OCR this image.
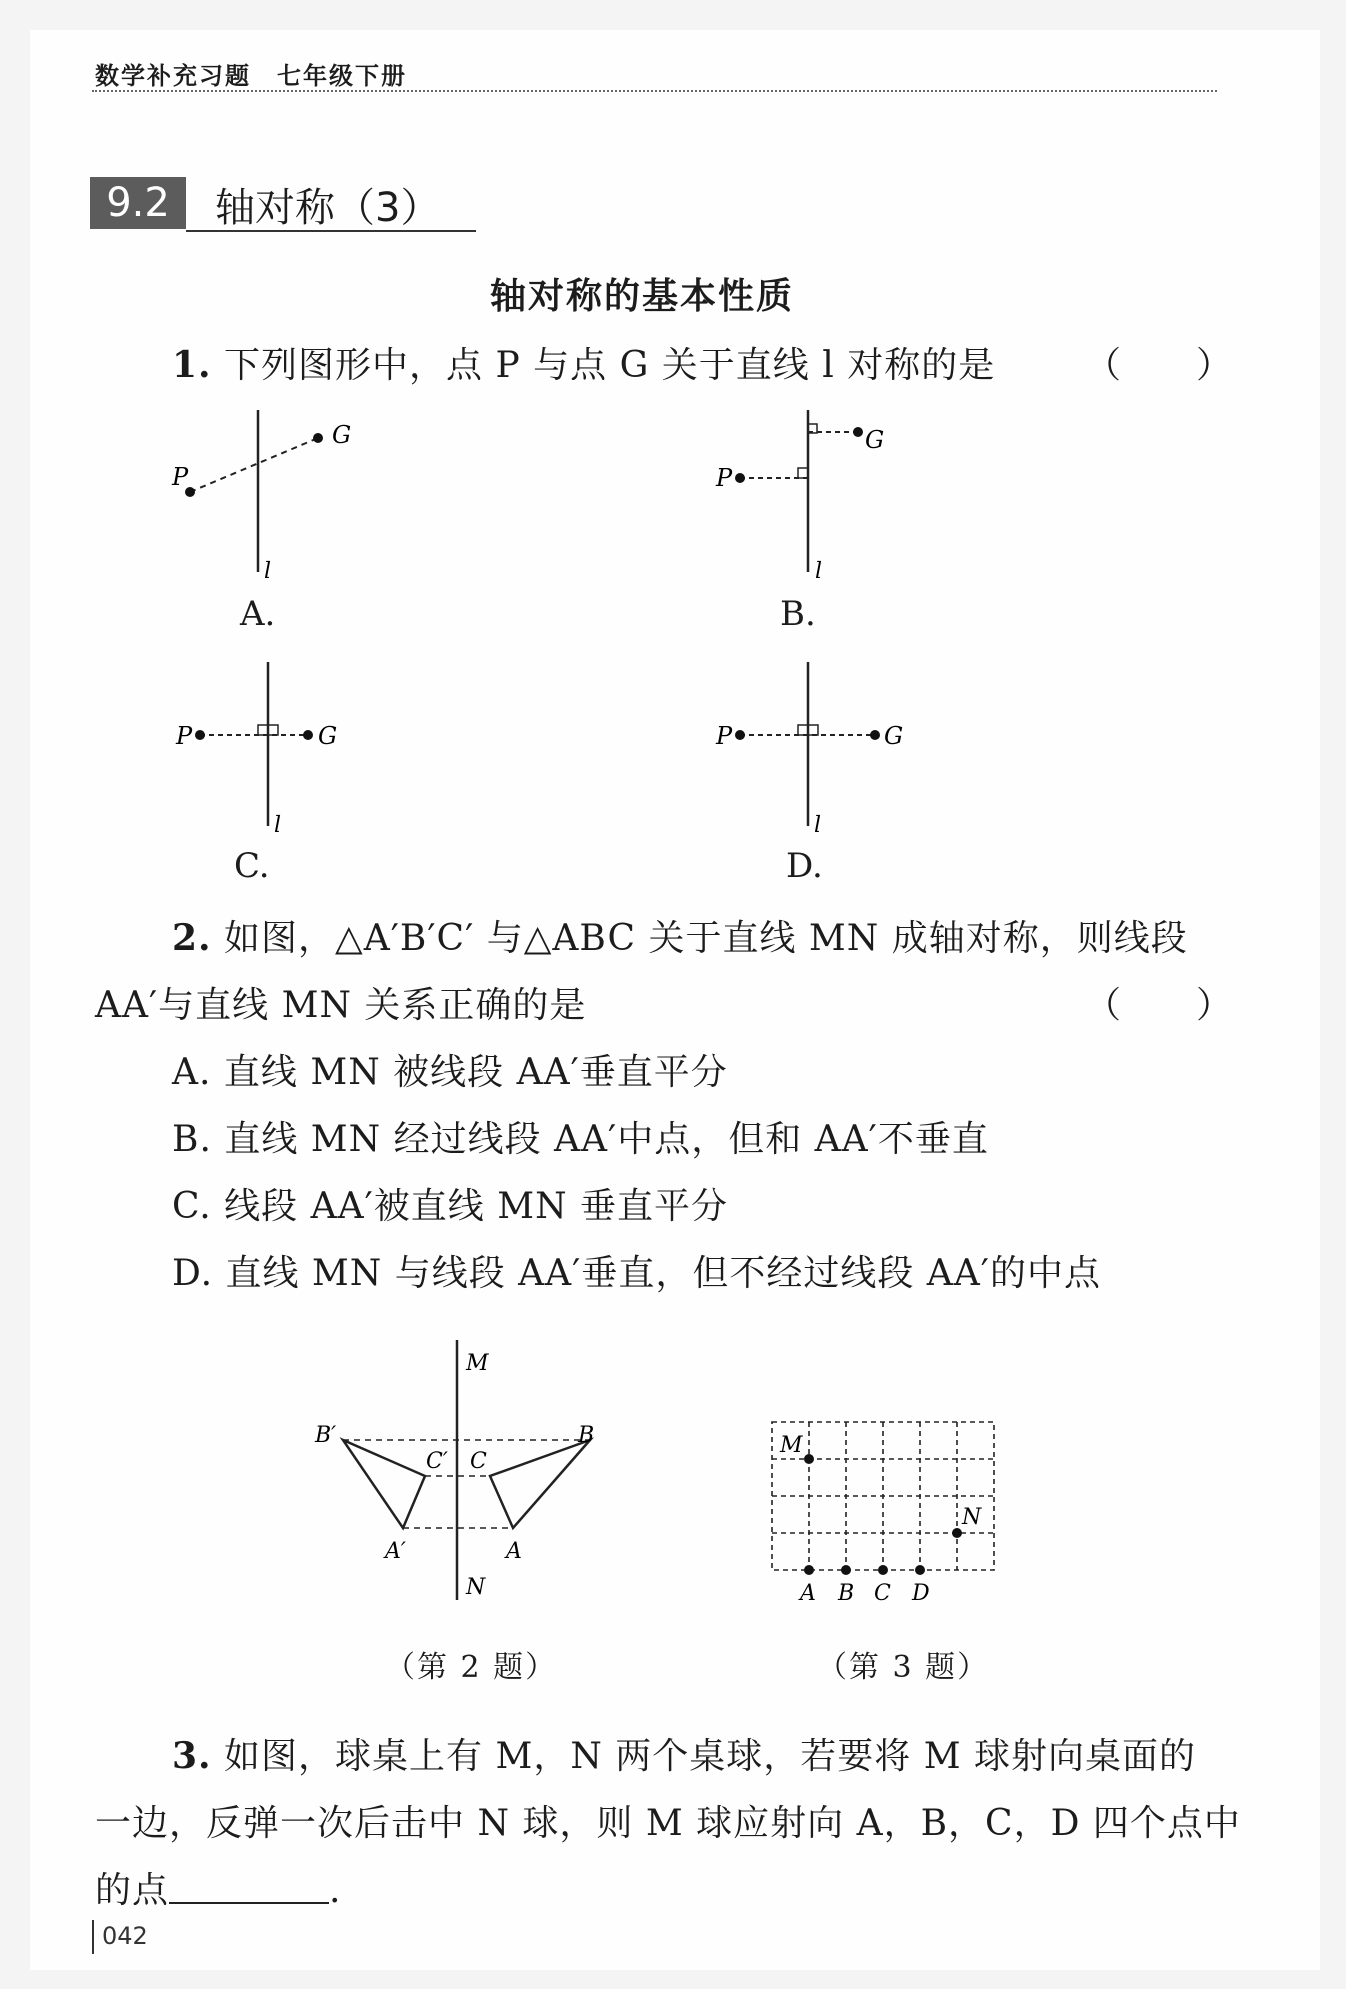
数学补充习题　七年级下册
9.2	轴对称（3）
轴对称的基本性质
1. 下列图形中，点 P 与点 G 关于直线 l 对称的是 （　　）
P
G
l
P
G
l
P	G
l
P	G
l
A.	B.
C.	D.
2. 如图，△A′B′C′ 与△ABC 关于直线 MN 成轴对称，则线段
AA′与直线 MN 关系正确的是	（　　）
A. 直线 MN 被线段 AA′垂直平分
B. 直线 MN 经过线段 AA′中点，但和 AA′不垂直
C. 线段 AA′被直线 MN 垂直平分
D. 直线 MN 与线段 AA′垂直，但不经过线段 AA′的中点
M
N
B′	B
C′ C
A′	A
M
N
A B C D
（第 2 题）	（第 3 题）
3. 如图，球桌上有 M，N 两个桌球，若要将 M 球射向桌面的
一边，反弹一次后击中 N 球，则 M 球应射向 A，B，C，D 四个点中
的点	.
042
